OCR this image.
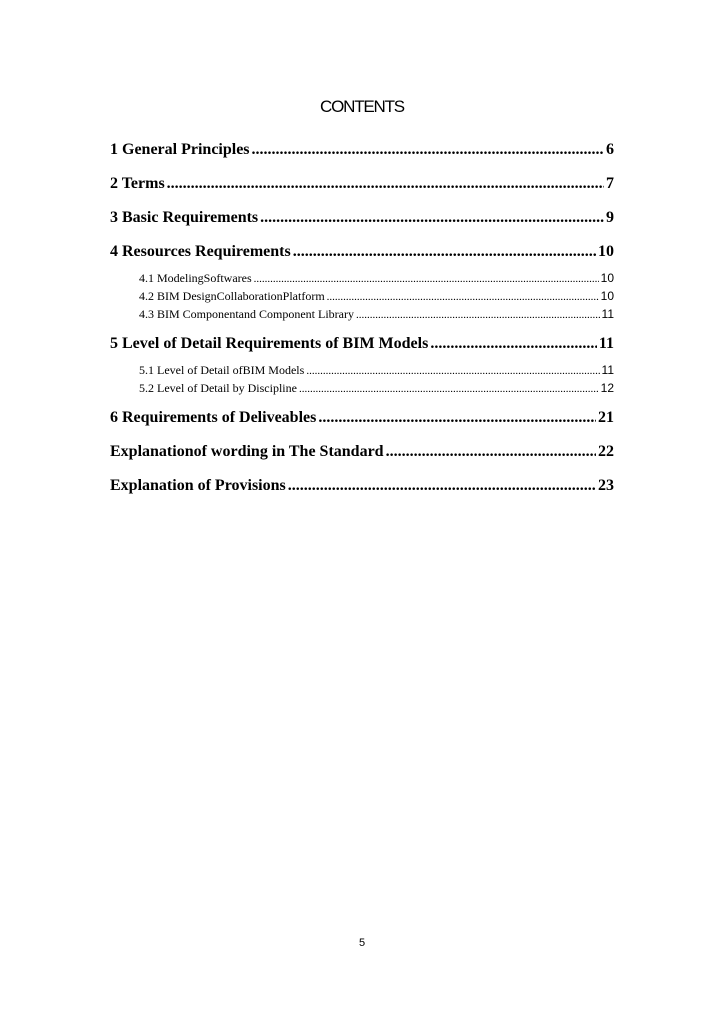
CONTENTS
1 General Principles .....	6
2 Terms .....	7
3 Basic Requirements .....	9
4 Resources Requirements .....	10
4.1 ModelingSoftwares .....	10
4.2 BIM DesignCollaborationPlatform .....	10
4.3 BIM Componentand Component Library .....	11
5 Level of Detail Requirements of BIM Models .....	11
5.1 Level of Detail ofBIM Models .....	11
5.2 Level of Detail by Discipline .....	12
6 Requirements of Deliveables .....	21
Explanationof wording in The Standard .....	22
Explanation of Provisions .....	23
5
